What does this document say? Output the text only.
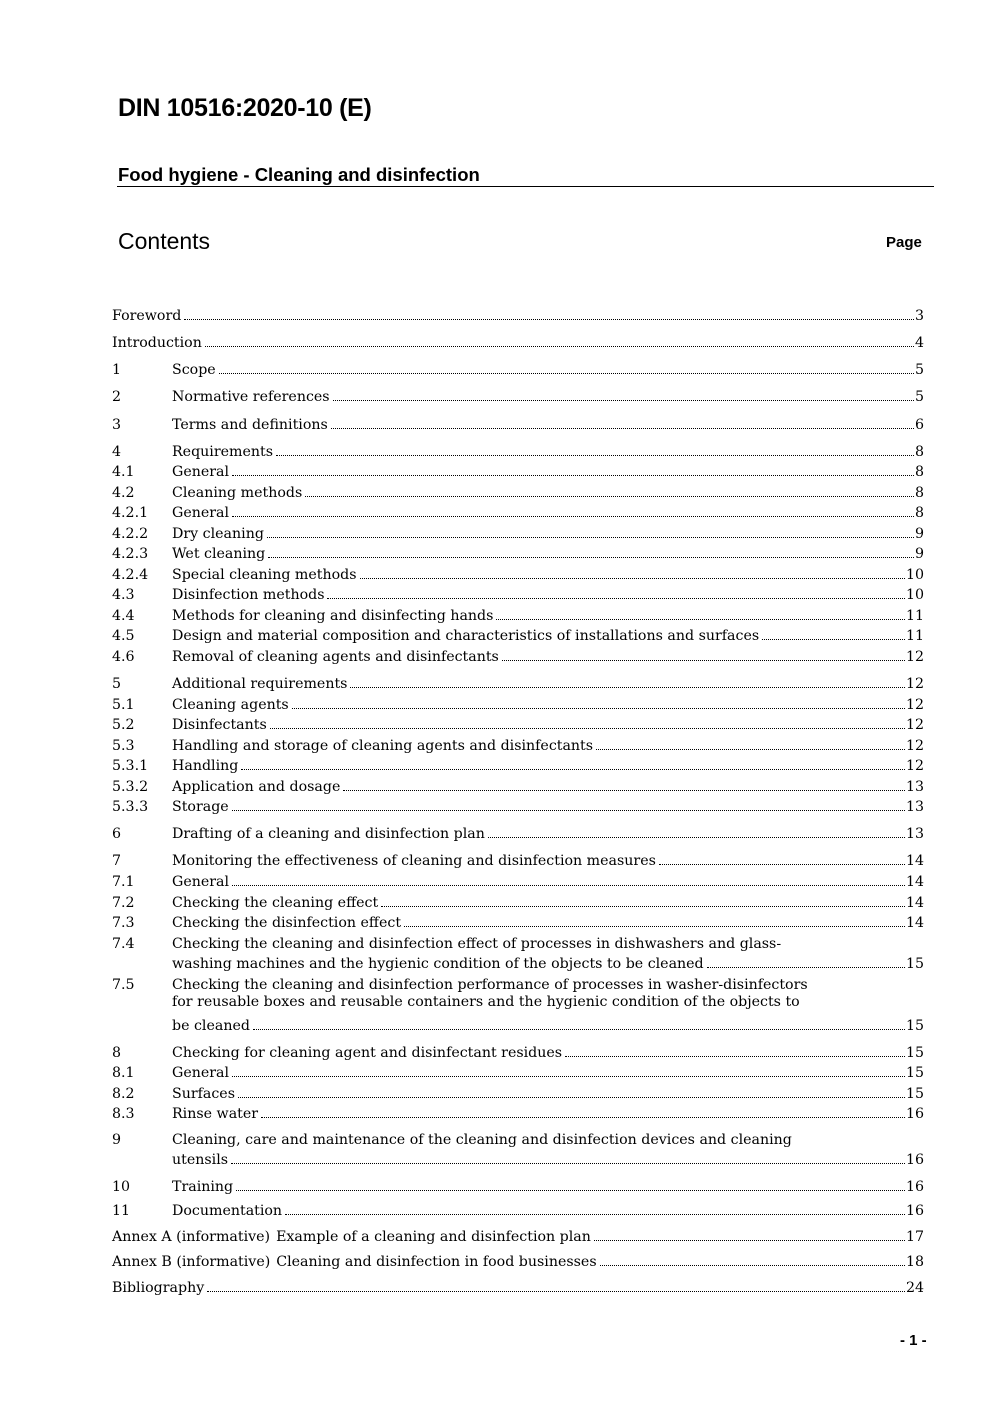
DIN 10516:2020-10 (E)
Food hygiene - Cleaning and disinfection
Contents	Page
Foreword	3
Introduction	4
1	Scope	5
2	Normative references	5
3	Terms and definitions	6
4	Requirements	8
4.1	General	8
4.2	Cleaning methods	8
4.2.1	General	8
4.2.2	Dry cleaning	9
4.2.3	Wet cleaning	9
4.2.4	Special cleaning methods	10
4.3	Disinfection methods	10
4.4	Methods for cleaning and disinfecting hands	11
4.5	Design and material composition and characteristics of installations and surfaces	11
4.6	Removal of cleaning agents and disinfectants	12
5	Additional requirements	12
5.1	Cleaning agents	12
5.2	Disinfectants	12
5.3	Handling and storage of cleaning agents and disinfectants	12
5.3.1	Handling	12
5.3.2	Application and dosage	13
5.3.3	Storage	13
6	Drafting of a cleaning and disinfection plan	13
7	Monitoring the effectiveness of cleaning and disinfection measures	14
7.1	General	14
7.2	Checking the cleaning effect	14
7.3	Checking the disinfection effect	14
7.4	Checking the cleaning and disinfection effect of processes in dishwashers and glass-
washing machines and the hygienic condition of the objects to be cleaned	15
7.5	Checking the cleaning and disinfection performance of processes in washer-disinfectors
for reusable boxes and reusable containers and the hygienic condition of the objects to
be cleaned	15
8	Checking for cleaning agent and disinfectant residues	15
8.1	General	15
8.2	Surfaces	15
8.3	Rinse water	16
9	Cleaning, care and maintenance of the cleaning and disinfection devices and cleaning
utensils	16
10	Training	16
11	Documentation	16
Annex A (informative) Example of a cleaning and disinfection plan	17
Annex B (informative) Cleaning and disinfection in food businesses	18
Bibliography	24
- 1 -
